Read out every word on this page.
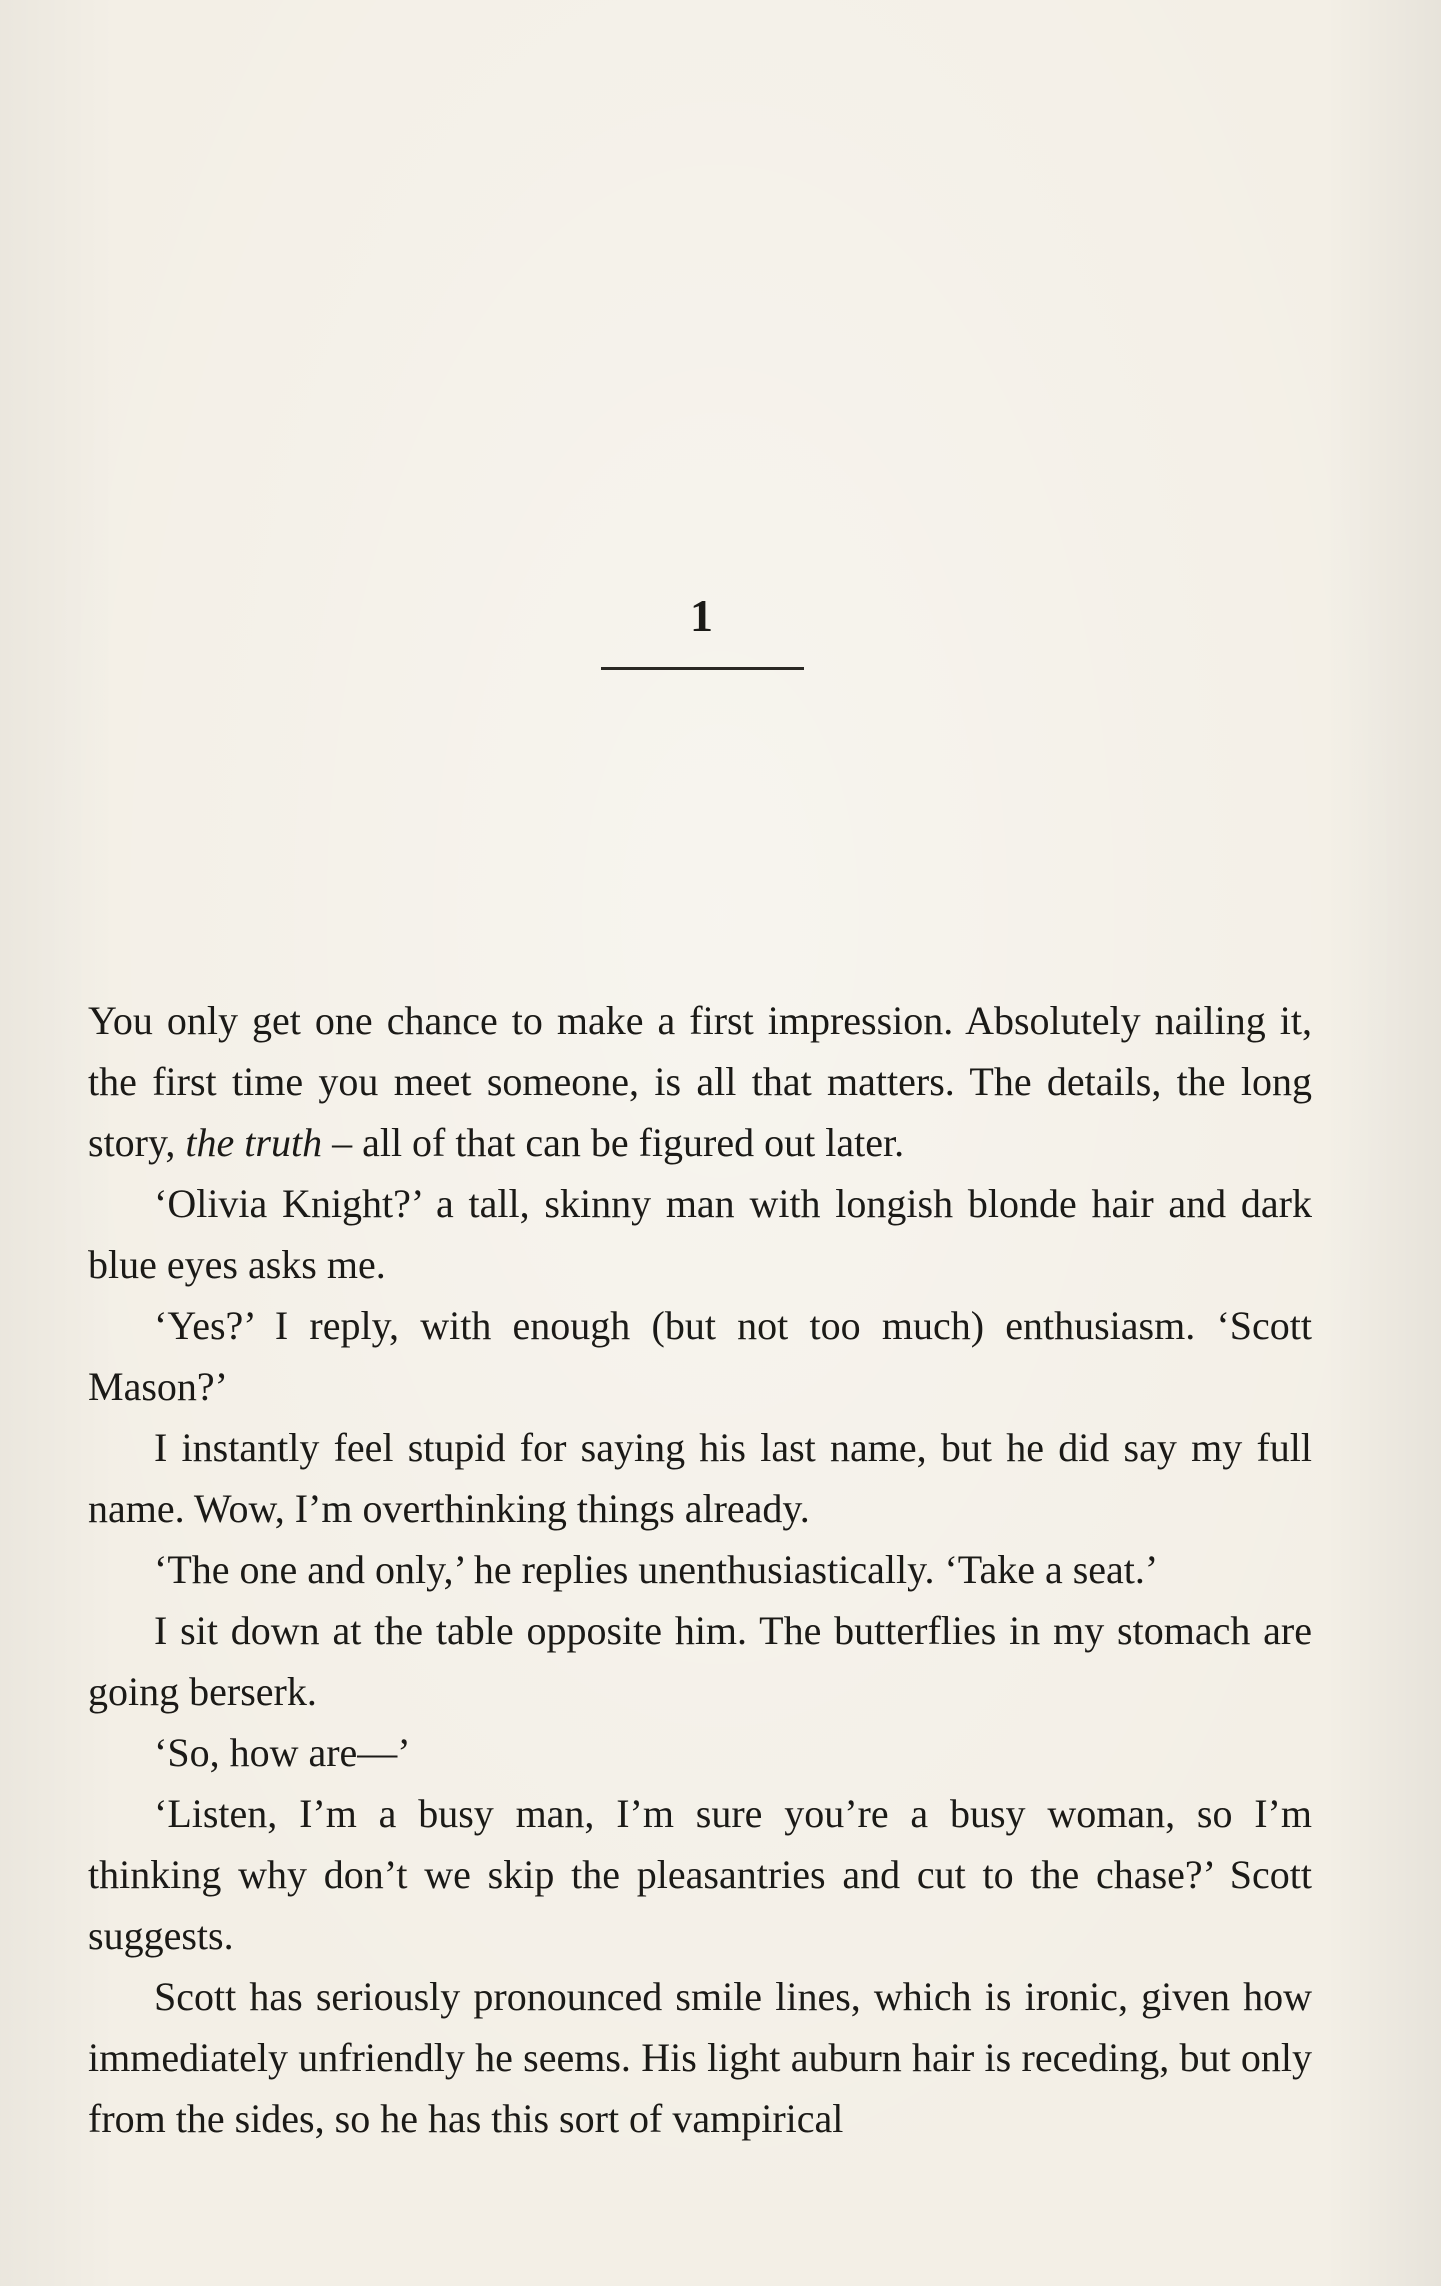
1

You only get one chance to make a first impression. Absolutely nailing it, the first time you meet someone, is all that matters. The details, the long story, the truth – all of that can be figured out later.

‘Olivia Knight?’ a tall, skinny man with longish blonde hair and dark blue eyes asks me.

‘Yes?’ I reply, with enough (but not too much) enthusiasm. ‘Scott Mason?’

I instantly feel stupid for saying his last name, but he did say my full name. Wow, I’m overthinking things already.

‘The one and only,’ he replies unenthusiastically. ‘Take a seat.’

I sit down at the table opposite him. The butterflies in my stomach are going berserk.

‘So, how are—’

‘Listen, I’m a busy man, I’m sure you’re a busy woman, so I’m thinking why don’t we skip the pleasantries and cut to the chase?’ Scott suggests.

Scott has seriously pronounced smile lines, which is ironic, given how immediately unfriendly he seems. His light auburn hair is receding, but only from the sides, so he has this sort of vampirical
